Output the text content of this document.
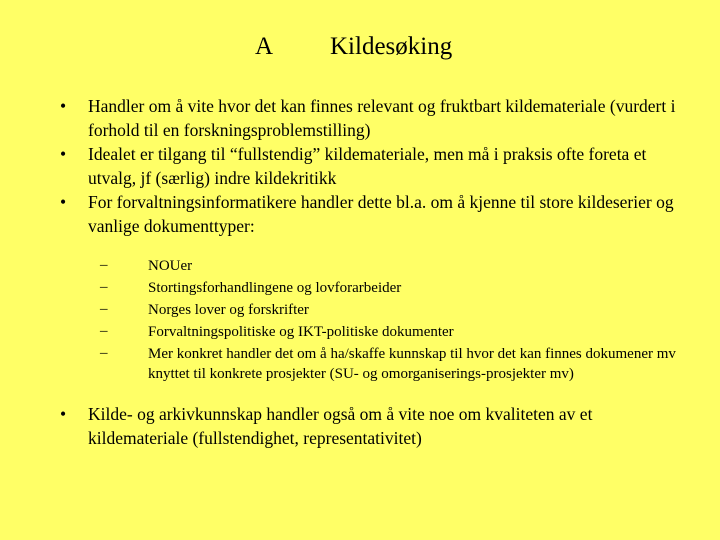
A Kildesøking
•	Handler om å vite hvor det kan finnes relevant og fruktbart kildemateriale (vurdert i forhold til en forskningsproblemstilling)
•	Idealet er tilgang til “fullstendig” kildemateriale, men må i praksis ofte foreta et utvalg, jf (særlig) indre kildekritikk
•	For forvaltningsinformatikere handler dette bl.a. om å kjenne til store kildeserier og vanlige dokumenttyper:
–	NOUer
–	Stortingsforhandlingene og lovforarbeider
–	Norges lover og forskrifter
–	Forvaltningspolitiske og IKT-politiske dokumenter
–	Mer konkret handler det om å ha/skaffe kunnskap til hvor det kan finnes dokumener mv knyttet til konkrete prosjekter (SU- og omorganiserings-prosjekter mv)
•	Kilde- og arkivkunnskap handler også om å vite noe om kvaliteten av et kildemateriale (fullstendighet, representativitet)
